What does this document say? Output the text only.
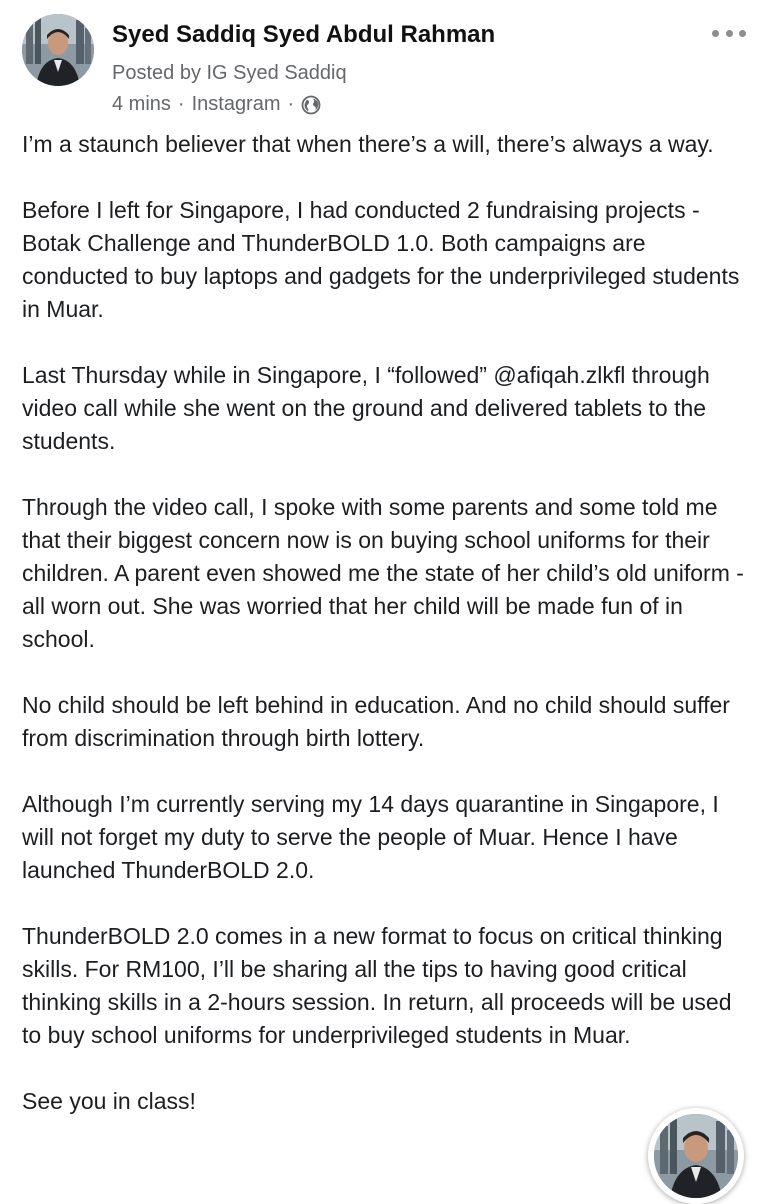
Syed Saddiq Syed Abdul Rahman
Posted by IG Syed Saddiq
4 mins · Instagram ·

I’m a staunch believer that when there’s a will, there’s always a way.

Before I left for Singapore, I had conducted 2 fundraising projects - Botak Challenge and ThunderBOLD 1.0. Both campaigns are conducted to buy laptops and gadgets for the underprivileged students in Muar.

Last Thursday while in Singapore, I “followed” @afiqah.zlkfl through video call while she went on the ground and delivered tablets to the students.

Through the video call, I spoke with some parents and some told me that their biggest concern now is on buying school uniforms for their children. A parent even showed me the state of her child’s old uniform - all worn out. She was worried that her child will be made fun of in school.

No child should be left behind in education. And no child should suffer from discrimination through birth lottery.

Although I’m currently serving my 14 days quarantine in Singapore, I will not forget my duty to serve the people of Muar. Hence I have launched ThunderBOLD 2.0.

ThunderBOLD 2.0 comes in a new format to focus on critical thinking skills. For RM100, I’ll be sharing all the tips to having good critical thinking skills in a 2-hours session. In return, all proceeds will be used to buy school uniforms for underprivileged students in Muar.

See you in class!
